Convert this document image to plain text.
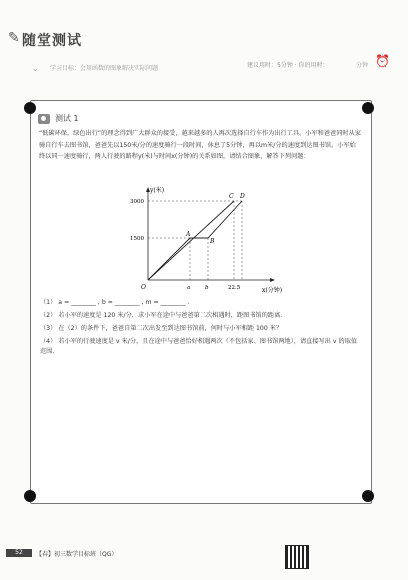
✎ 随堂测试
⌄ 学习目标：会用函数的图象解决实际问题	建议用时：5分钟 · 你的用时：	分钟 ⏰
测试 1
“低碳环保，绿色出行”的理念得到广大群众的接受，越来越多的人再次选择自行车作为出行工具。小军和爸爸同时从家骑自行车去图书馆，爸爸先以150米/分的速度骑行一段时间，休息了5分钟，再以m米/分的速度到达图书馆。小军始终以同一速度骑行，两人行驶的路程y(米)与时间x(分钟)的关系如图，请结合图象，解答下列问题：
y(米)
x(分钟)
O
3000
1500
a	b	22.5
A
B
C D
（1） a = ________ , b = ________ , m = ________ .
（2） 若小军的速度是 120 米/分，求小军在途中与爸爸第二次相遇时，距图书馆的距离.
（3） 在（2）的条件下，爸爸自第二次出发至到达图书馆前，何时与小军相距 100 米？
（4） 若小军的行驶速度是 v 米/分，且在途中与爸爸恰好相遇两次（不包括家、图书馆两地），请直接写出 v 的取值范围.
52	【春】初三数学目标班（QG）
